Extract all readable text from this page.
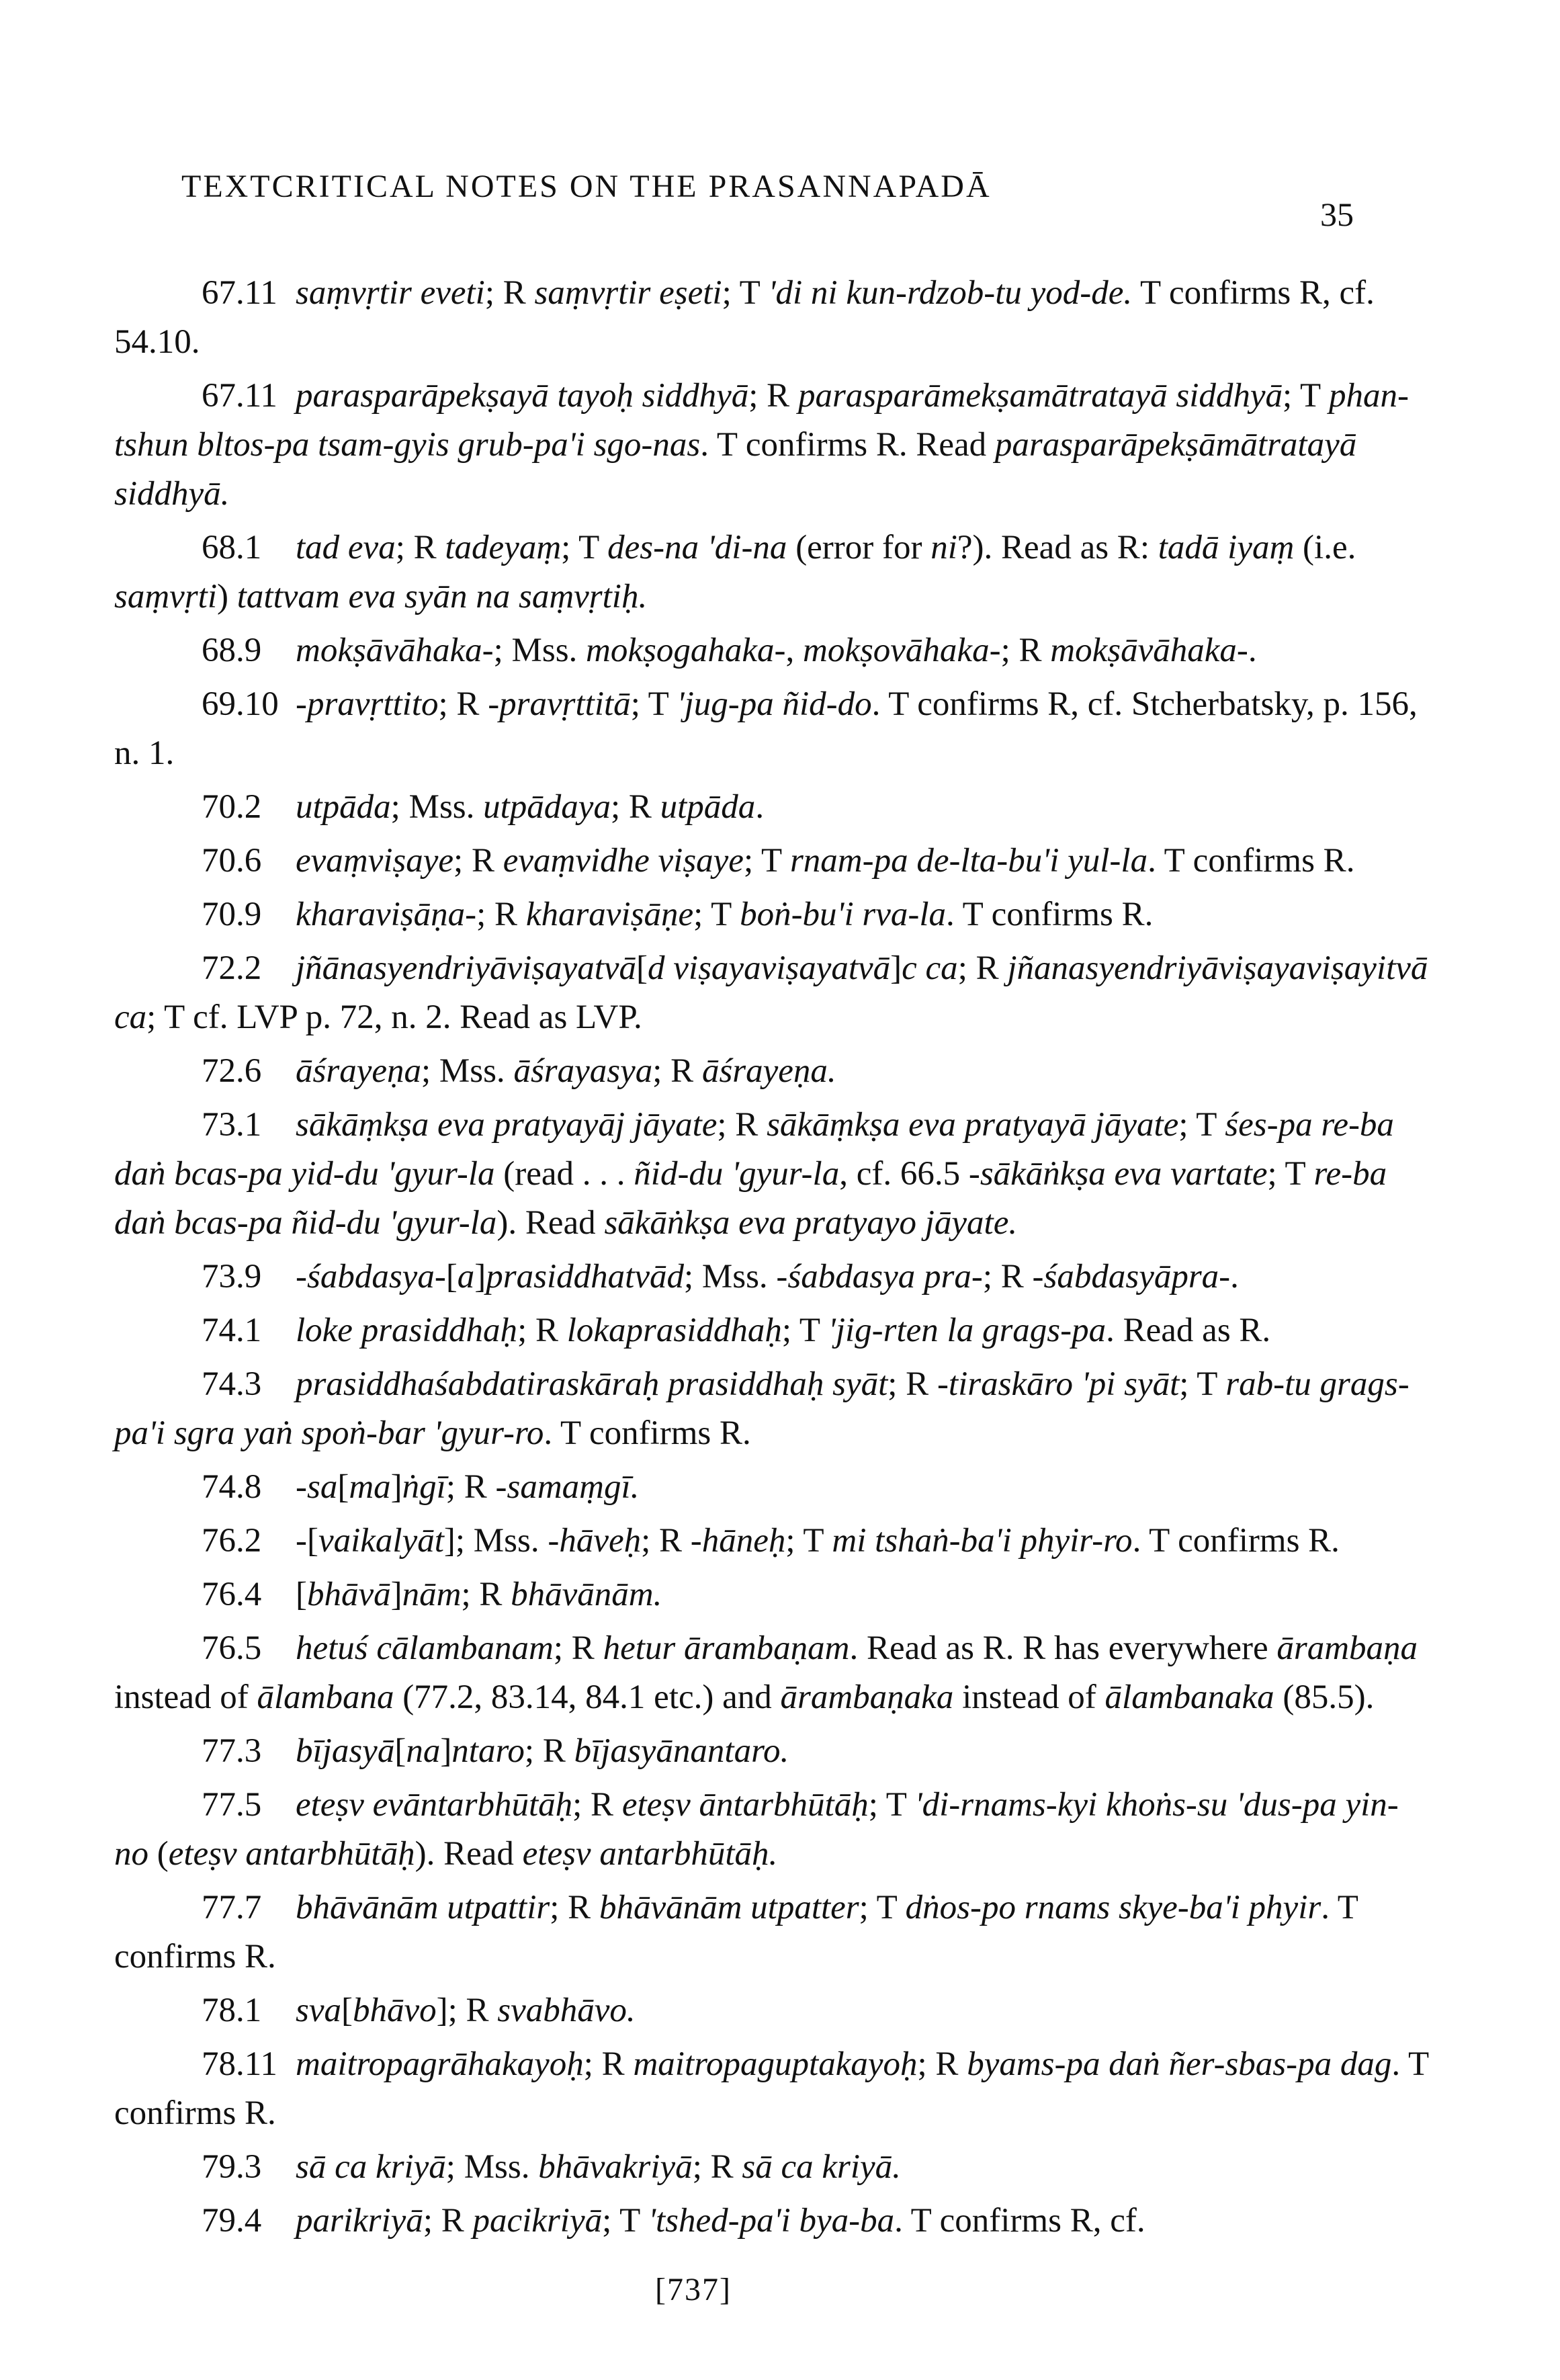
TEXTCRITICAL NOTES ON THE PRASANNAPADĀ
35

67.11 saṃvṛtir eveti; R saṃvṛtir eṣeti; T 'di ni kun-rdzob-tu yod-de. T confirms R, cf. 54.10.

67.11 parasparāpekṣayā tayoḥ siddhyā; R parasparāmekṣamātratayā siddhyā; T phan-tshun bltos-pa tsam-gyis grub-pa'i sgo-nas. T confirms R. Read parasparāpekṣāmātratayā siddhyā.

68.1 tad eva; R tadeyaṃ; T des-na 'di-na (error for ni?). Read as R: tadā iyaṃ (i.e. saṃvṛti) tattvam eva syān na saṃvṛtiḥ.

68.9 mokṣāvāhaka-; Mss. mokṣogahaka-, mokṣovāhaka-; R mokṣāvāhaka-.

69.10 -pravṛttito; R -pravṛttitā; T 'jug-pa ñid-do. T confirms R, cf. Stcherbatsky, p. 156, n. 1.

70.2 utpāda; Mss. utpādaya; R utpāda.

70.6 evaṃviṣaye; R evaṃvidhe viṣaye; T rnam-pa de-lta-bu'i yul-la. T confirms R.

70.9 kharaviṣāṇa-; R kharaviṣāṇe; T boṅ-bu'i rva-la. T confirms R.

72.2 jñānasyendriyāviṣayatvā[d viṣayaviṣayatvā]c ca; R jñanasyendriyāviṣayaviṣayitvā ca; T cf. LVP p. 72, n. 2. Read as LVP.

72.6 āśrayeṇa; Mss. āśrayasya; R āśrayeṇa.

73.1 sākāṃkṣa eva pratyayāj jāyate; R sākāṃkṣa eva pratyayā jāyate; T śes-pa re-ba daṅ bcas-pa yid-du 'gyur-la (read . . . ñid-du 'gyur-la, cf. 66.5 -sākāṅkṣa eva vartate; T re-ba daṅ bcas-pa ñid-du 'gyur-la). Read sākāṅkṣa eva pratyayo jāyate.

73.9 -śabdasya-[a]prasiddhatvād; Mss. -śabdasya pra-; R -śabdasyāpra-.

74.1 loke prasiddhaḥ; R lokaprasiddhaḥ; T 'jig-rten la grags-pa. Read as R.

74.3 prasiddhaśabdatiraskāraḥ prasiddhaḥ syāt; R -tiraskāro 'pi syāt; T rab-tu grags-pa'i sgra yaṅ spoṅ-bar 'gyur-ro. T confirms R.

74.8 -sa[ma]ṅgī; R -samaṃgī.

76.2 -[vaikalyāt]; Mss. -hāveḥ; R -hāneḥ; T mi tshaṅ-ba'i phyir-ro. T confirms R.

76.4 [bhāvā]nām; R bhāvānām.

76.5 hetuś cālambanam; R hetur ārambaṇam. Read as R. R has everywhere ārambaṇa instead of ālambana (77.2, 83.14, 84.1 etc.) and ārambaṇaka instead of ālambanaka (85.5).

77.3 bījasyā[na]ntaro; R bījasyānantaro.

77.5 eteṣv evāntarbhūtāḥ; R eteṣv āntarbhūtāḥ; T 'di-rnams-kyi khoṅs-su 'dus-pa yin-no (eteṣv antarbhūtāḥ). Read eteṣv antarbhūtāḥ.

77.7 bhāvānām utpattir; R bhāvānām utpatter; T dṅos-po rnams skye-ba'i phyir. T confirms R.

78.1 sva[bhāvo]; R svabhāvo.

78.11 maitropagrāhakayoḥ; R maitropaguptakayoḥ; R byams-pa daṅ ñer-sbas-pa dag. T confirms R.

79.3 sā ca kriyā; Mss. bhāvakriyā; R sā ca kriyā.

79.4 parikriyā; R pacikriyā; T 'tshed-pa'i bya-ba. T confirms R, cf.

[737]
